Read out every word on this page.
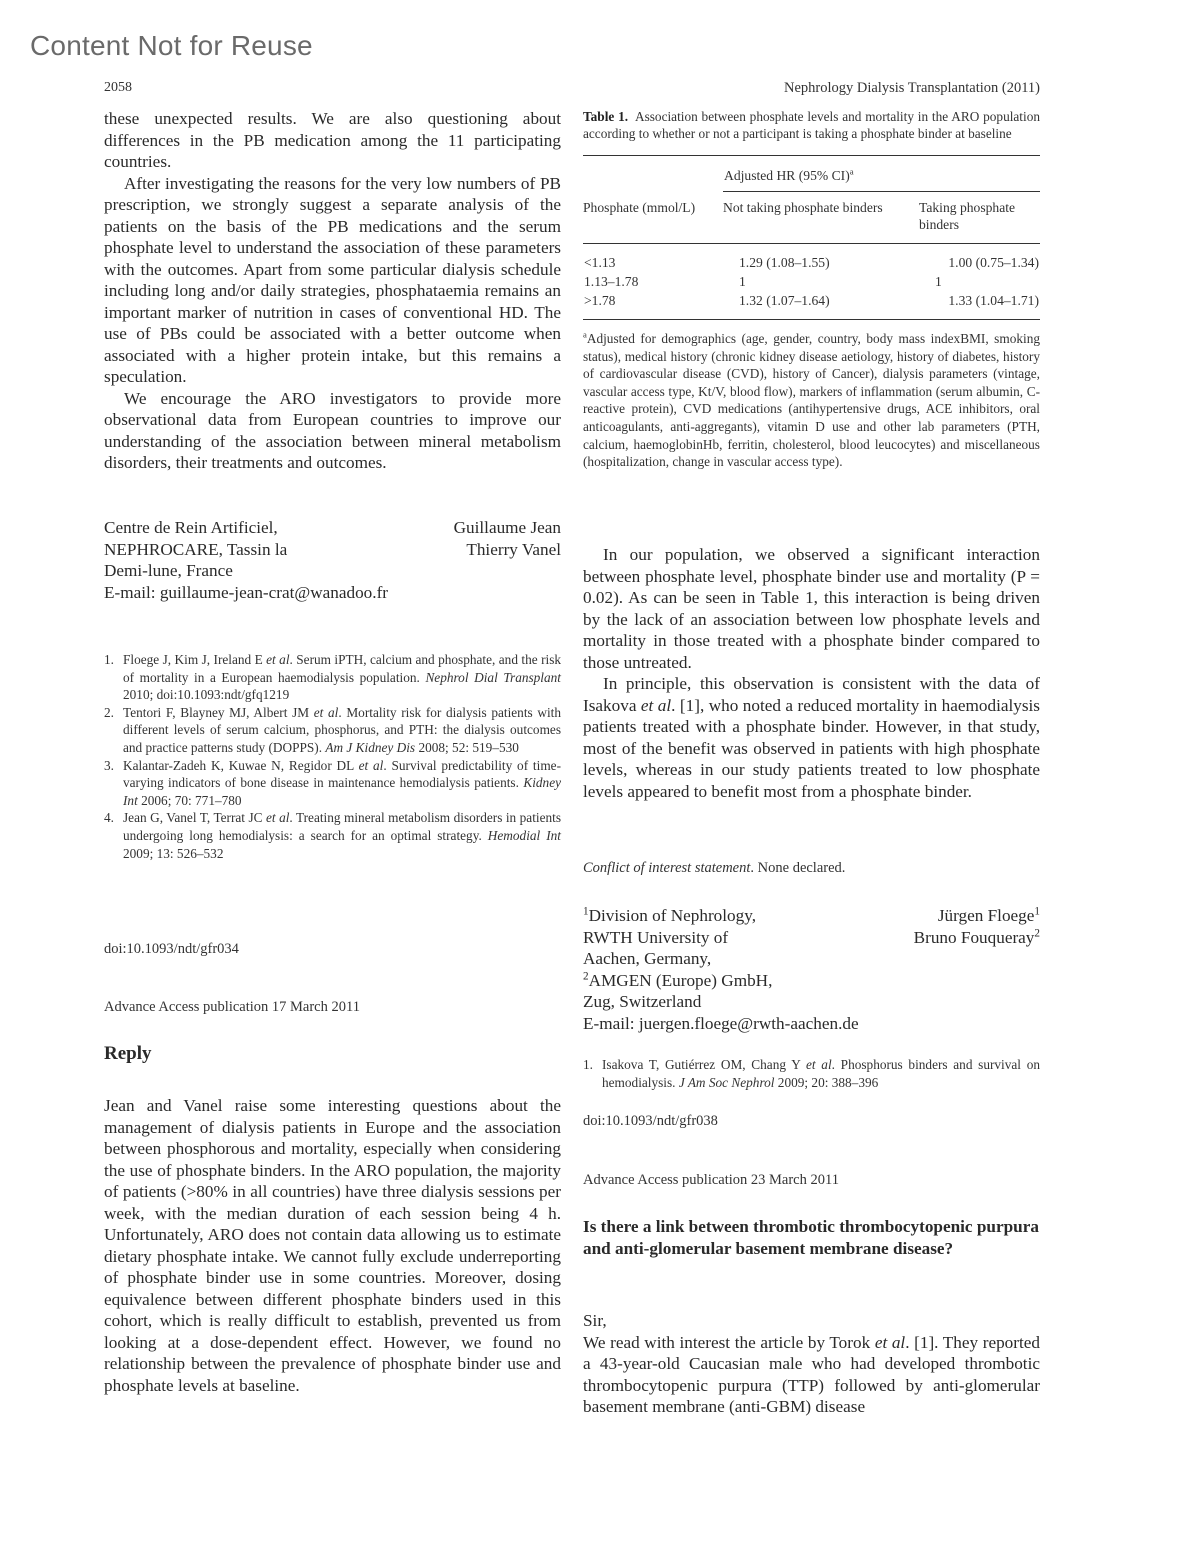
Content Not for Reuse
2058	Nephrology Dialysis Transplantation (2011)

these unexpected results. We are also questioning about differences in the PB medication among the 11 participating countries.

After investigating the reasons for the very low numbers of PB prescription, we strongly suggest a separate analysis of the patients on the basis of the PB medications and the serum phosphate level to understand the association of these parameters with the outcomes. Apart from some particular dialysis schedule including long and/or daily strategies, phosphataemia remains an important marker of nutrition in cases of conventional HD. The use of PBs could be associated with a better outcome when associated with a higher protein intake, but this remains a speculation.

We encourage the ARO investigators to provide more observational data from European countries to improve our understanding of the association between mineral metabolism disorders, their treatments and outcomes.

Centre de Rein Artificiel,
NEPHROCARE, Tassin la
Demi-lune, France
E-mail: guillaume-jean-crat@wanadoo.fr
Guillaume Jean
Thierry Vanel
1. Floege J, Kim J, Ireland E et al. Serum iPTH, calcium and phosphate, and the risk of mortality in a European haemodialysis population. Nephrol Dial Transplant 2010; doi:10.1093:ndt/gfq1219
2. Tentori F, Blayney MJ, Albert JM et al. Mortality risk for dialysis patients with different levels of serum calcium, phosphorus, and PTH: the dialysis outcomes and practice patterns study (DOPPS). Am J Kidney Dis 2008; 52: 519–530
3. Kalantar-Zadeh K, Kuwae N, Regidor DL et al. Survival predictability of time-varying indicators of bone disease in maintenance hemodialysis patients. Kidney Int 2006; 70: 771–780
4. Jean G, Vanel T, Terrat JC et al. Treating mineral metabolism disorders in patients undergoing long hemodialysis: a search for an optimal strategy. Hemodial Int 2009; 13: 526–532
doi:10.1093/ndt/gfr034
Advance Access publication 17 March 2011
Reply

Jean and Vanel raise some interesting questions about the management of dialysis patients in Europe and the association between phosphorous and mortality, especially when considering the use of phosphate binders. In the ARO population, the majority of patients (>80% in all countries) have three dialysis sessions per week, with the median duration of each session being 4 h. Unfortunately, ARO does not contain data allowing us to estimate dietary phosphate intake. We cannot fully exclude underreporting of phosphate binder use in some countries. Moreover, dosing equivalence between different phosphate binders used in this cohort, which is really difficult to establish, prevented us from looking at a dose-dependent effect. However, we found no relationship between the prevalence of phosphate binder use and phosphate levels at baseline.

Table 1. Association between phosphate levels and mortality in the ARO population according to whether or not a participant is taking a phosphate binder at baseline
	Adjusted HR (95% CI)$^a$
Phosphate (mmol/L)	Not taking phosphate binders	Taking phosphate binders
<1.13	1.29 (1.08–1.55)	1.00 (0.75–1.34)
1.13–1.78	1	1
>1.78	1.32 (1.07–1.64)	1.33 (1.04–1.71)
$^a$Adjusted for demographics (age, gender, country, body mass indexBMI, smoking status), medical history (chronic kidney disease aetiology, history of diabetes, history of cardiovascular disease (CVD), history of Cancer), dialysis parameters (vintage, vascular access type, Kt/V, blood flow), markers of inflammation (serum albumin, C-reactive protein), CVD medications (antihypertensive drugs, ACE inhibitors, oral anticoagulants, anti-aggregants), vitamin D use and other lab parameters (PTH, calcium, haemoglobinHb, ferritin, cholesterol, blood leucocytes) and miscellaneous (hospitalization, change in vascular access type).

In our population, we observed a significant interaction between phosphate level, phosphate binder use and mortality (P = 0.02). As can be seen in Table 1, this interaction is being driven by the lack of an association between low phosphate levels and mortality in those treated with a phosphate binder compared to those untreated.

In principle, this observation is consistent with the data of Isakova et al. [1], who noted a reduced mortality in haemodialysis patients treated with a phosphate binder. However, in that study, most of the benefit was observed in patients with high phosphate levels, whereas in our study patients treated to low phosphate levels appeared to benefit most from a phosphate binder.

Conflict of interest statement. None declared.
$^1$Division of Nephrology,
RWTH University of
Aachen, Germany,
$^2$AMGEN (Europe) GmbH,
Zug, Switzerland
E-mail: juergen.floege@rwth-aachen.de
Jürgen Floege$^1$
Bruno Fouqueray$^2$
1. Isakova T, Gutiérrez OM, Chang Y et al. Phosphorus binders and survival on hemodialysis. J Am Soc Nephrol 2009; 20: 388–396
doi:10.1093/ndt/gfr038
Advance Access publication 23 March 2011
Is there a link between thrombotic thrombocytopenic purpura and anti-glomerular basement membrane disease?
Sir,

We read with interest the article by Torok et al. [1]. They reported a 43-year-old Caucasian male who had developed thrombotic thrombocytopenic purpura (TTP) followed by anti-glomerular basement membrane (anti-GBM) disease
